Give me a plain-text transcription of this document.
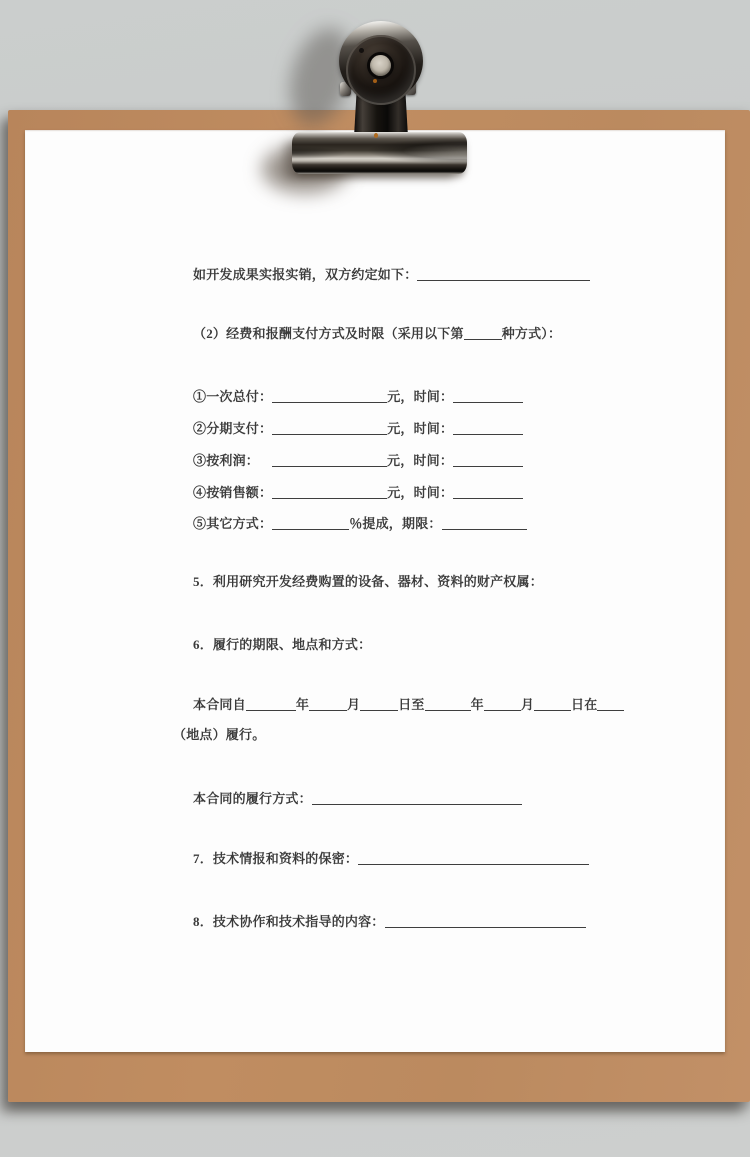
如开发成果实报实销，双方约定如下：
（2）经费和报酬支付方式及时限（采用以下第	种方式）：
①一次总付：	元，时间：
②分期支付：	元，时间：
③按利润：	元，时间：
④按销售额：	元，时间：
⑤其它方式：	％提成，期限：
5．利用研究开发经费购置的设备、器材、资料的财产权属：
6．履行的期限、地点和方式：
本合同自	年	月	日至	年	月	日在
（地点）履行。
本合同的履行方式：
7．技术情报和资料的保密：
8．技术协作和技术指导的内容：
